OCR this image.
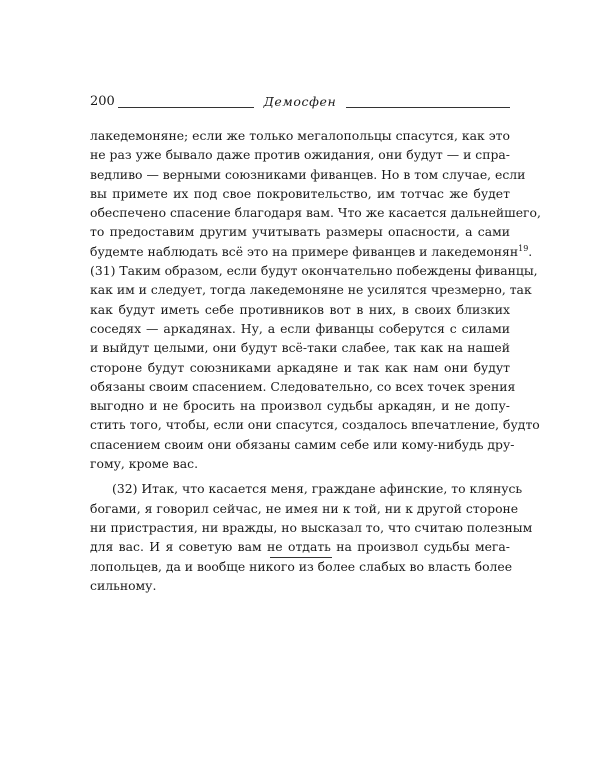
200	Демосфен
лакедемоняне; если же только мегалопольцы спасутся, как это
не раз уже бывало даже против ожидания, они будут — и спра-
ведливо — верными союзниками фиванцев. Но в том случае, если
вы примете их под свое покровительство, им тотчас же будет
обеспечено спасение благодаря вам. Что же касается дальнейшего,
то предоставим другим учитывать размеры опасности, а сами
будемте наблюдать всё это на примере фиванцев и лакедемонян$^{19}$.
(31) Таким образом, если будут окончательно побеждены фиванцы,
как им и следует, тогда лакедемоняне не усилятся чрезмерно, так
как будут иметь себе противников вот в них, в своих близких
соседях — аркадянах. Ну, а если фиванцы соберутся с силами
и выйдут целыми, они будут всё-таки слабее, так как на нашей
стороне будут союзниками аркадяне и так как нам они будут
обязаны своим спасением. Следовательно, со всех точек зрения
выгодно и не бросить на произвол судьбы аркадян, и не допу-
стить того, чтобы, если они спасутся, создалось впечатление, будто
спасением своим они обязаны самим себе или кому-нибудь дру-
гому, кроме вас.
(32) Итак, что касается меня, граждане афинские, то клянусь
богами, я говорил сейчас, не имея ни к той, ни к другой стороне
ни пристрастия, ни вражды, но высказал то, что считаю полезным
для вас. И я советую вам не отдать на произвол судьбы мега-
лопольцев, да и вообще никого из более слабых во власть более
сильному.
